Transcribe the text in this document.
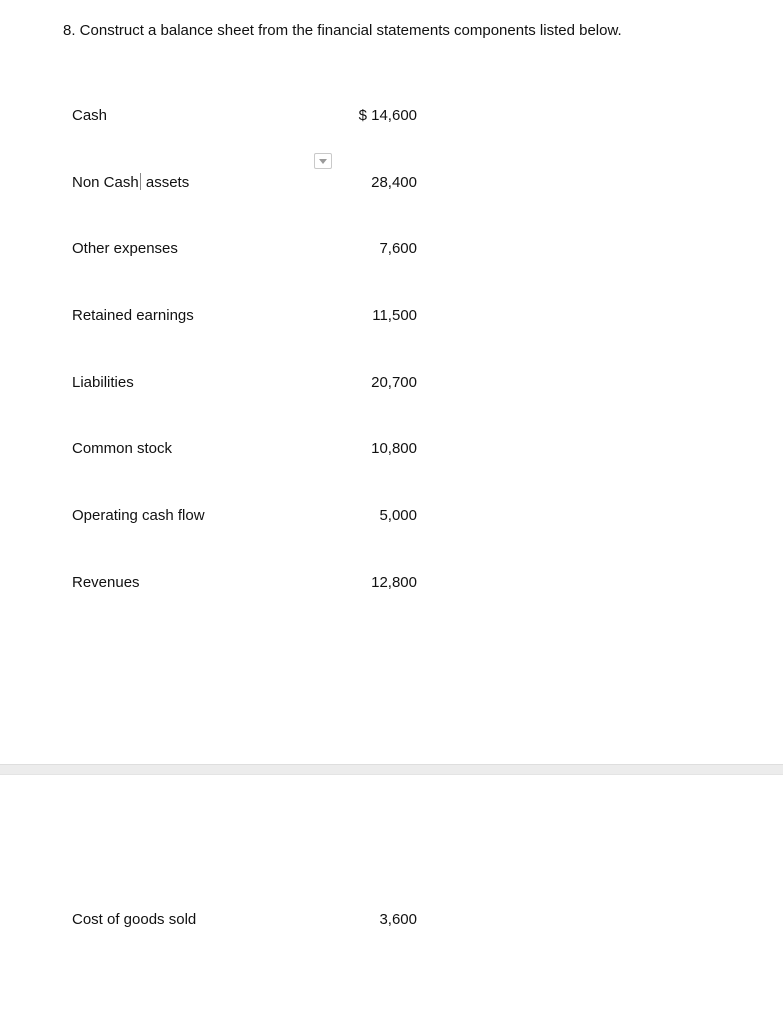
8. Construct a balance sheet from the financial statements components listed below.
Cash	$ 14,600
Non Cash assets	28,400
Other expenses	7,600
Retained earnings	11,500
Liabilities	20,700
Common stock	10,800
Operating cash flow	5,000
Revenues	12,800
Cost of goods sold	3,600
